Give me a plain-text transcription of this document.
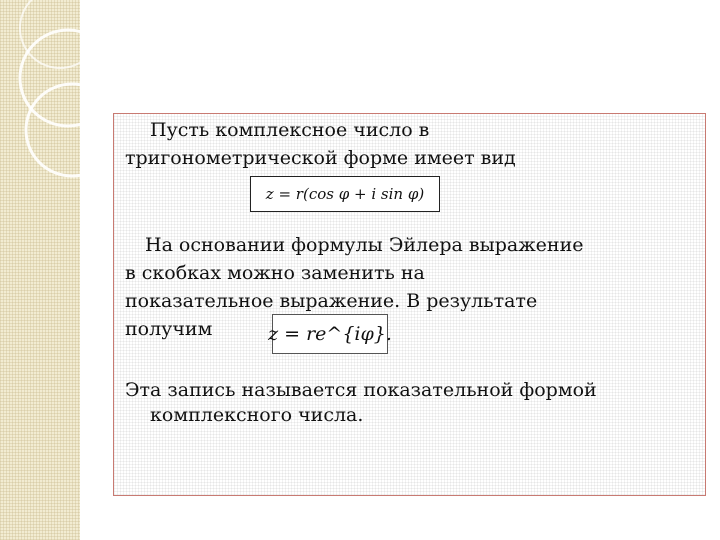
Пусть комплексное число в

тригонометрической форме имеет вид

z = r(cos φ + i sin φ)

На основании формулы Эйлера выражение

в скобках можно заменить на

показательное выражение. В результате

получим	z = re^{iφ}.

Эта запись называется показательной формой

комплексного числа.
